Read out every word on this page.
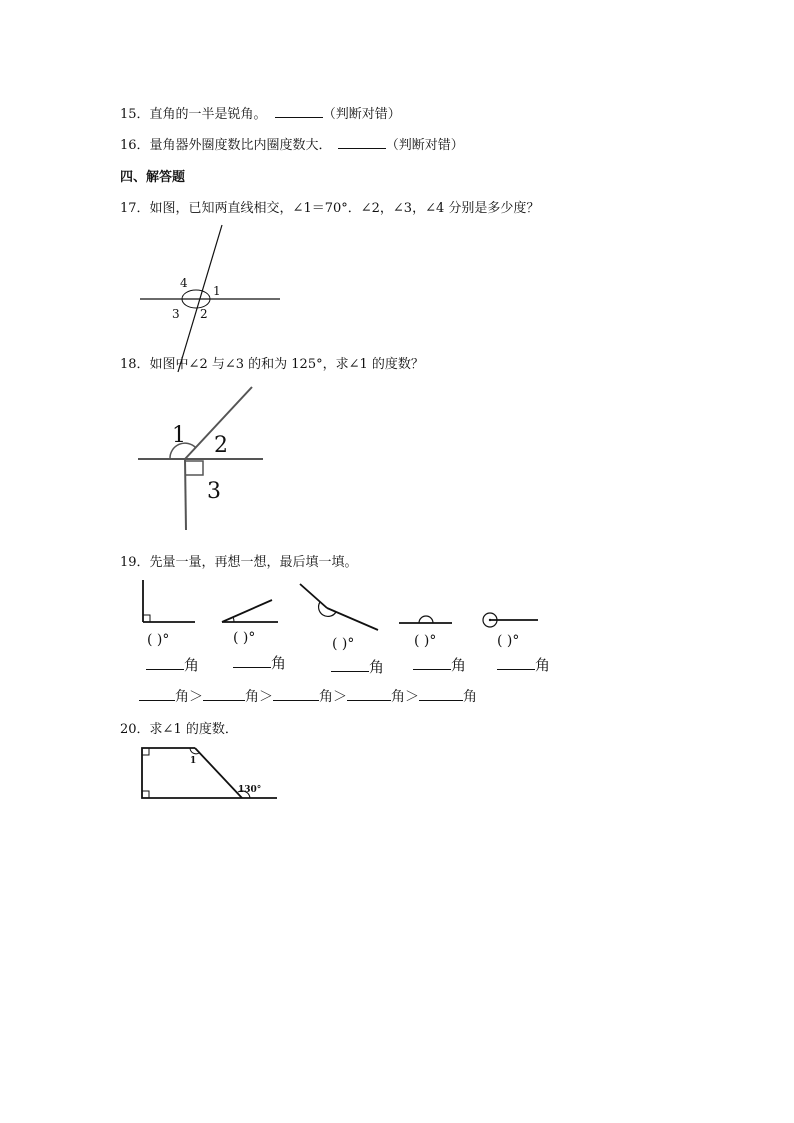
15．直角的一半是锐角。	（判断对错）
16．量角器外圈度数比内圈度数大．	（判断对错）
四、解答题
17．如图，已知两直线相交，∠1＝70°．∠2，∠3，∠4 分别是多少度？
4
1
3 2
18．如图中∠2 与∠3 的和为 125°，求∠1 的度数？
1 2
3
19．先量一量，再想一想，最后填一填。
( )°	( )°	( )°	( )°	( )°
角	角	角	角	角
角＞	角＞	角＞	角＞	角
20．求∠1 的度数．
1
130°
